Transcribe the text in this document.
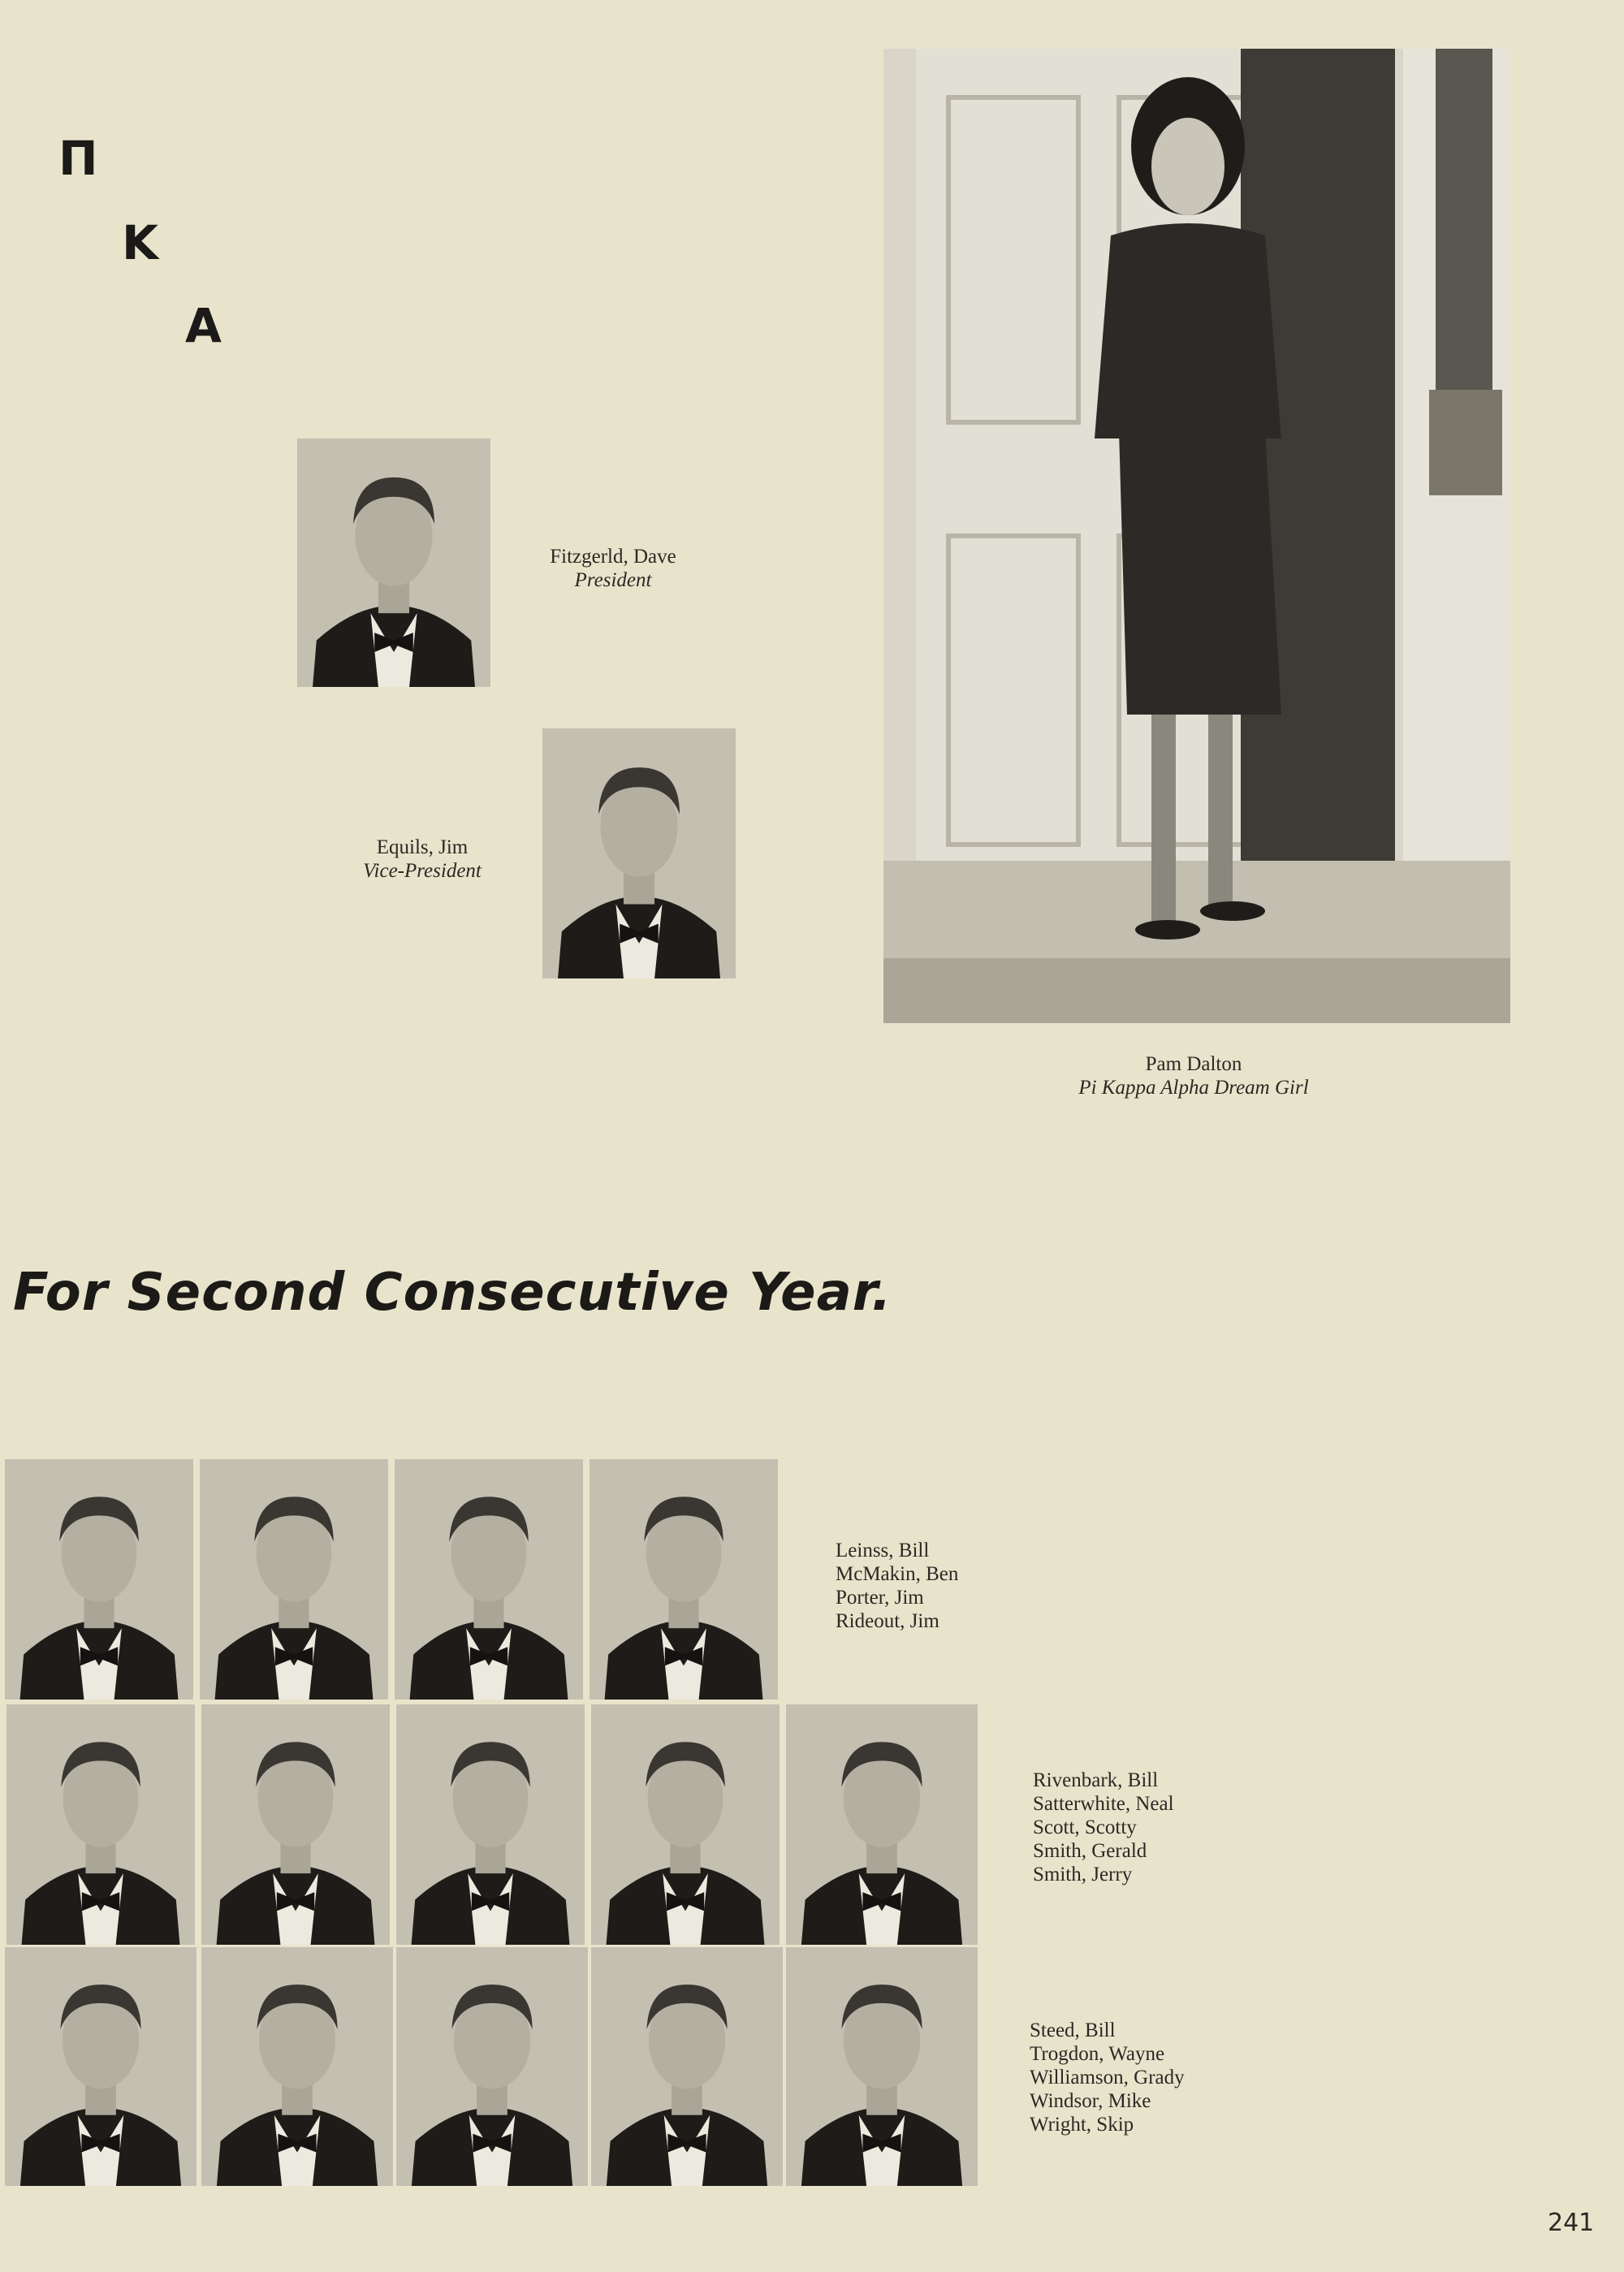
Π
K
A
Fitzgerld, Dave
President
Equils, Jim
Vice-President
Pam Dalton
Pi Kappa Alpha Dream Girl
For Second Consecutive Year.
Leinss, Bill
McMakin, Ben
Porter, Jim
Rideout, Jim
Rivenbark, Bill
Satterwhite, Neal
Scott, Scotty
Smith, Gerald
Smith, Jerry
Steed, Bill
Trogdon, Wayne
Williamson, Grady
Windsor, Mike
Wright, Skip
241
